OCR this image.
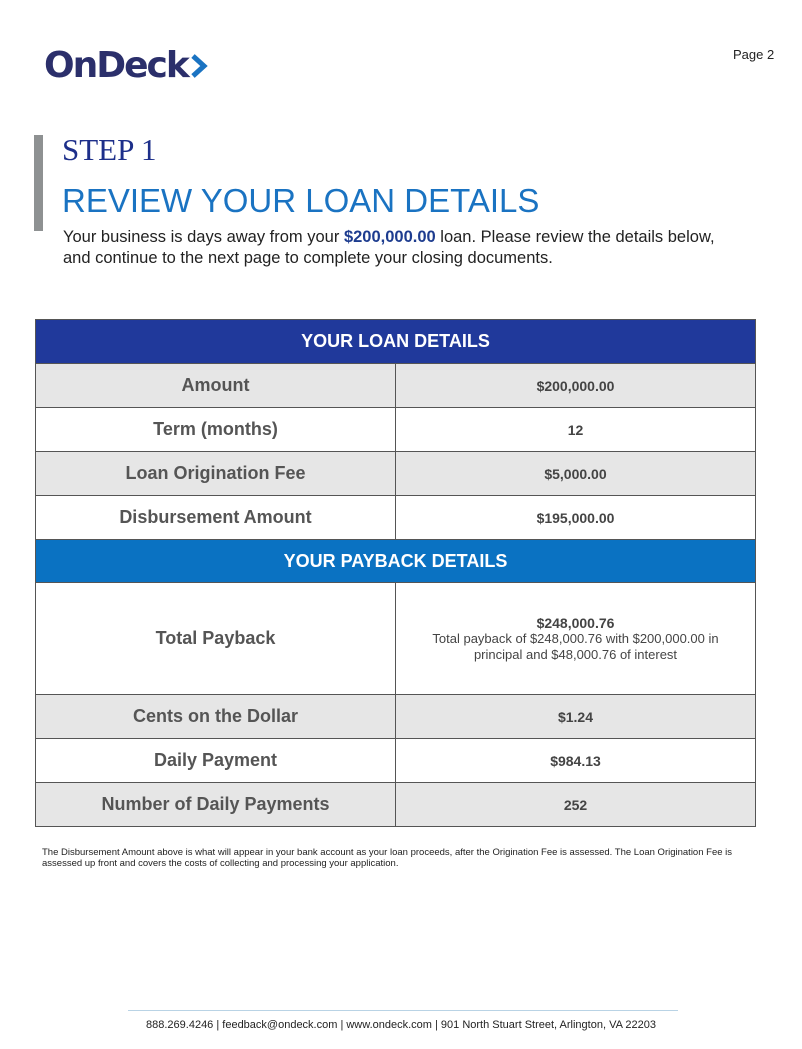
OnDeck	Page 2
STEP 1
REVIEW YOUR LOAN DETAILS
Your business is days away from your $200,000.00 loan. Please review the details below, and continue to the next page to complete your closing documents.
YOUR LOAN DETAILS	
Amount	$200,000.00
Term (months)	12
Loan Origination Fee	$5,000.00
Disbursement Amount	$195,000.00
YOUR PAYBACK DETAILS	
Total Payback	$248,000.76
Total payback of $248,000.76 with $200,000.00 in principal and $48,000.76 of interest

Cents on the Dollar	$1.24
Daily Payment	$984.13
Number of Daily Payments	252
The Disbursement Amount above is what will appear in your bank account as your loan proceeds, after the Origination Fee is assessed. The Loan Origination Fee is assessed up front and covers the costs of collecting and processing your application.
888.269.4246 | feedback@ondeck.com | www.ondeck.com | 901 North Stuart Street, Arlington, VA 22203
